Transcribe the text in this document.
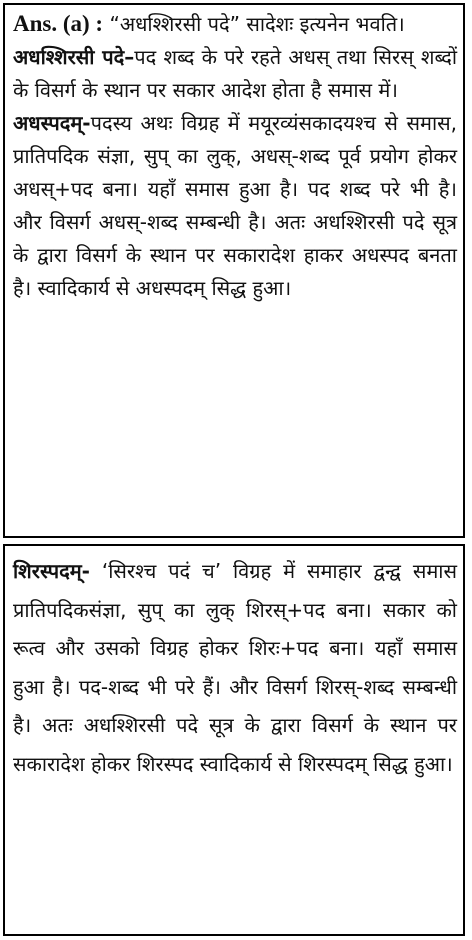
Ans. (a) : “अधश्शिरसी पदे” सादेशः इत्यनेन भवति।

अधश्शिरसी पदे–पद शब्द के परे रहते अधस् तथा सिरस् शब्दों के विसर्ग के स्थान पर सकार आदेश होता है समास में।

अधस्पदम्-पदस्य अथः विग्रह में मयूरव्यंसकादयश्च से समास, प्रातिपदिक संज्ञा, सुप् का लुक्, अधस्-शब्द पूर्व प्रयोग होकर अधस्+पद बना। यहाँ समास हुआ है। पद शब्द परे भी है। और विसर्ग अधस्-शब्द सम्बन्धी है। अतः अधश्शिरसी पदे सूत्र के द्वारा विसर्ग के स्थान पर सकारादेश हाकर अधस्पद बनता है। स्वादिकार्य से अधस्पदम् सिद्ध हुआ।

शिरस्पदम्- ‘सिरश्च पदं च’ विग्रह में समाहार द्वन्द्व समास प्रातिपदिकसंज्ञा, सुप् का लुक् शिरस्+पद बना। सकार को रूत्व और उसको विग्रह होकर शिरः+पद बना। यहाँ समास हुआ है। पद-शब्द भी परे हैं। और विसर्ग शिरस्-शब्द सम्बन्धी है। अतः अधश्शिरसी पदे सूत्र के द्वारा विसर्ग के स्थान पर सकारादेश होकर शिरस्पद स्वादिकार्य से शिरस्पदम् सिद्ध हुआ।
